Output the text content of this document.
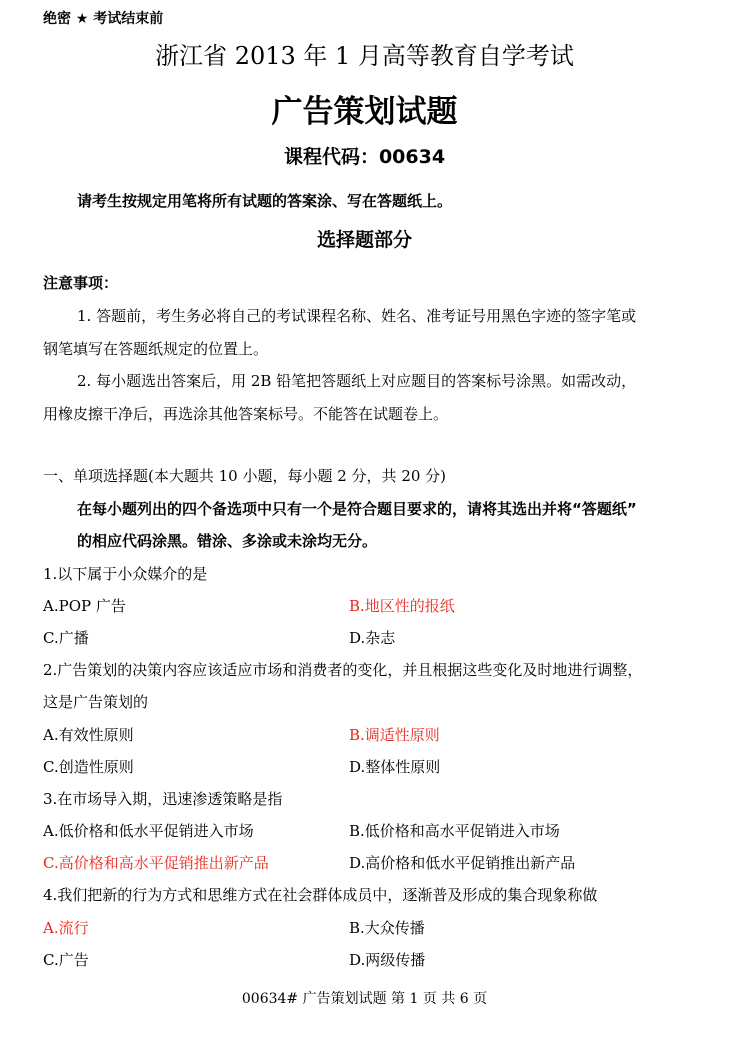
绝密 ★ 考试结束前
浙江省 2013 年 1 月高等教育自学考试
广告策划试题
课程代码：00634
请考生按规定用笔将所有试题的答案涂、写在答题纸上。
选择题部分
注意事项：
1. 答题前，考生务必将自己的考试课程名称、姓名、准考证号用黑色字迹的签字笔或
钢笔填写在答题纸规定的位置上。
2. 每小题选出答案后，用 2B 铅笔把答题纸上对应题目的答案标号涂黑。如需改动，
用橡皮擦干净后，再选涂其他答案标号。不能答在试题卷上。
一、单项选择题(本大题共 10 小题，每小题 2 分，共 20 分)
在每小题列出的四个备选项中只有一个是符合题目要求的，请将其选出并将“答题纸”
的相应代码涂黑。错涂、多涂或未涂均无分。
1.以下属于小众媒介的是
A.POP 广告	B.地区性的报纸
C.广播	D.杂志
2.广告策划的决策内容应该适应市场和消费者的变化，并且根据这些变化及时地进行调整，
这是广告策划的
A.有效性原则	B.调适性原则
C.创造性原则	D.整体性原则
3.在市场导入期，迅速渗透策略是指
A.低价格和低水平促销进入市场	B.低价格和高水平促销进入市场
C.高价格和高水平促销推出新产品	D.高价格和低水平促销推出新产品
4.我们把新的行为方式和思维方式在社会群体成员中，逐渐普及形成的集合现象称做
A.流行	B.大众传播
C.广告	D.两级传播
00634# 广告策划试题 第 1 页 共 6 页
